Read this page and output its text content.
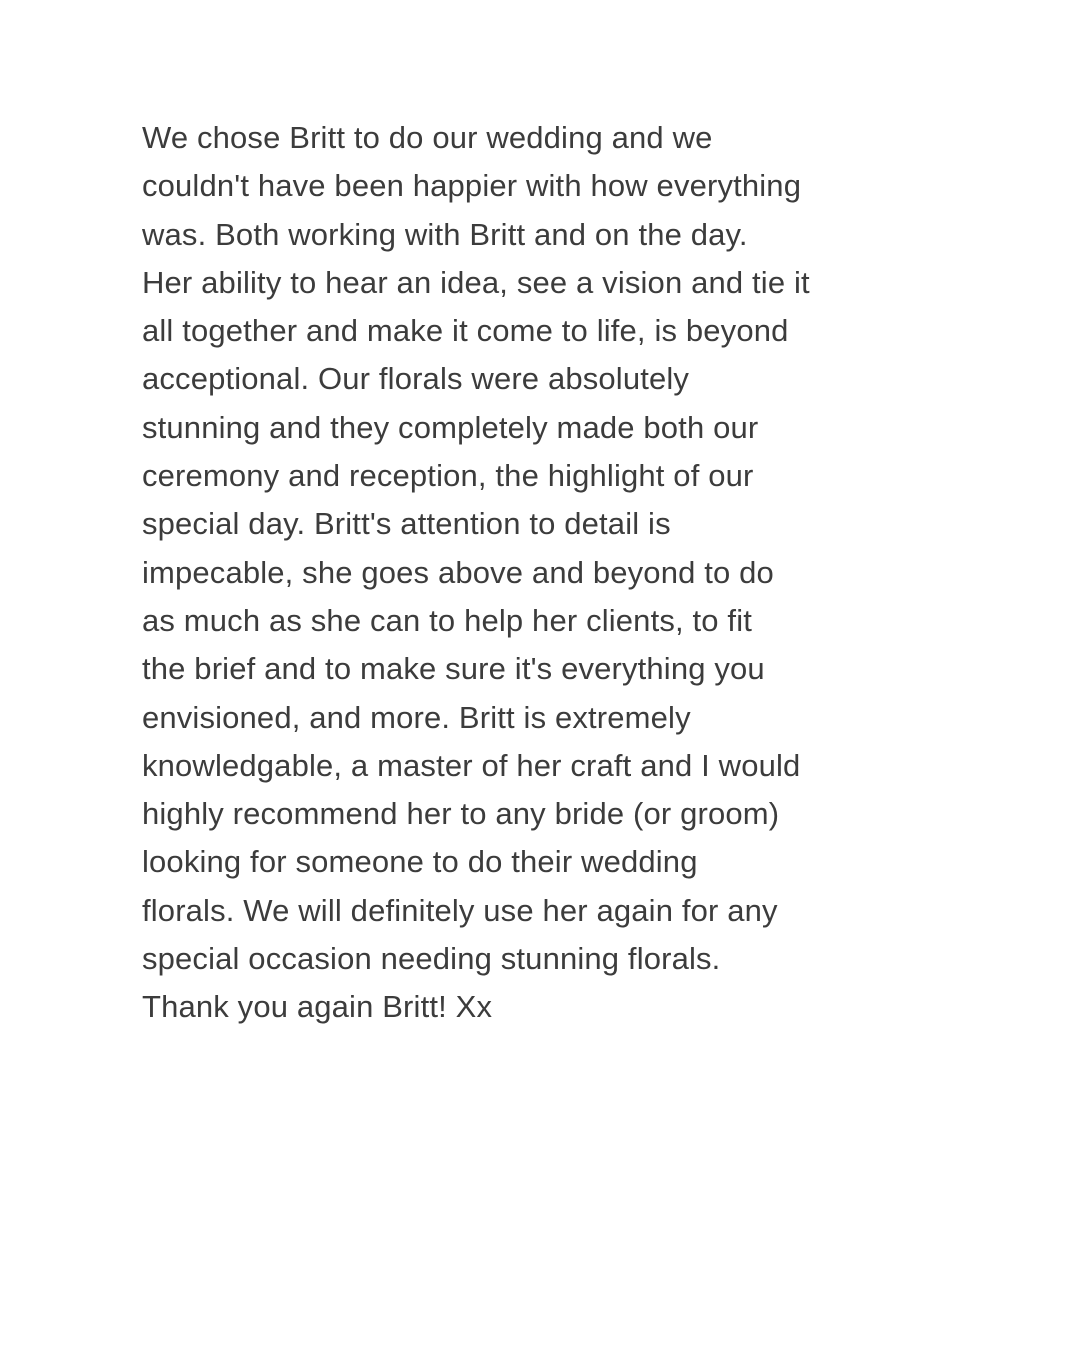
We chose Britt to do our wedding and we
couldn't have been happier with how everything
was. Both working with Britt and on the day.
Her ability to hear an idea, see a vision and tie it
all together and make it come to life, is beyond
acceptional. Our florals were absolutely
stunning and they completely made both our
ceremony and reception, the highlight of our
special day. Britt's attention to detail is
impecable, she goes above and beyond to do
as much as she can to help her clients, to fit
the brief and to make sure it's everything you
envisioned, and more. Britt is extremely
knowledgable, a master of her craft and I would
highly recommend her to any bride (or groom)
looking for someone to do their wedding
florals. We will definitely use her again for any
special occasion needing stunning florals.
Thank you again Britt! Xx
